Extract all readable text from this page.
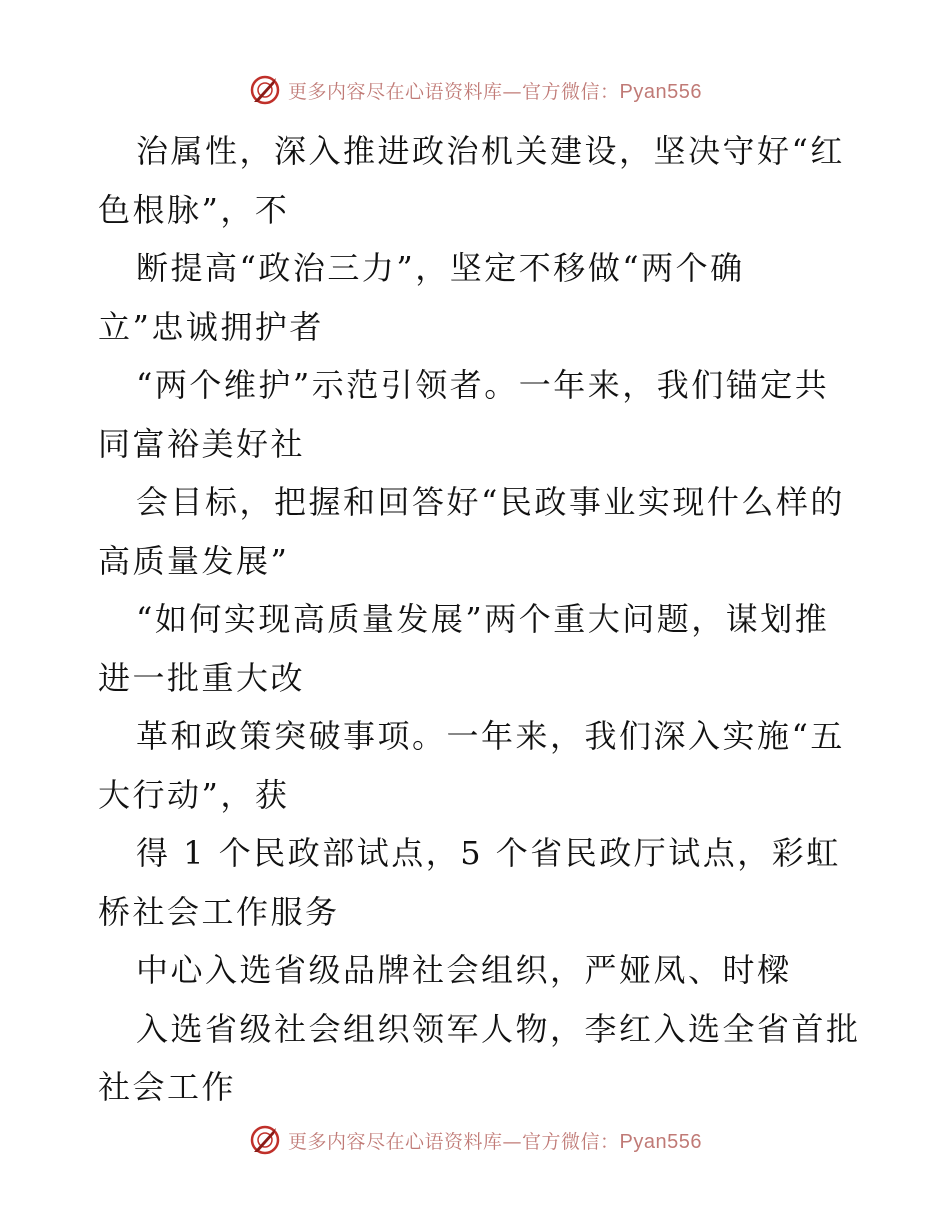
更多内容尽在心语资料库—官方微信：Pyan556
治属性，深入推进政治机关建设，坚决守好“红
色根脉”，不
断提高“政治三力”，坚定不移做“两个确
立”忠诚拥护者
“两个维护”示范引领者。一年来，我们锚定共
同富裕美好社
会目标，把握和回答好“民政事业实现什么样的
高质量发展”
“如何实现高质量发展”两个重大问题，谋划推
进一批重大改
革和政策突破事项。一年来，我们深入实施“五
大行动”，获
得 1 个民政部试点，5 个省民政厅试点，彩虹
桥社会工作服务
中心入选省级品牌社会组织，严娅凤、时樑
入选省级社会组织领军人物，李红入选全省首批
社会工作
更多内容尽在心语资料库—官方微信：Pyan556
